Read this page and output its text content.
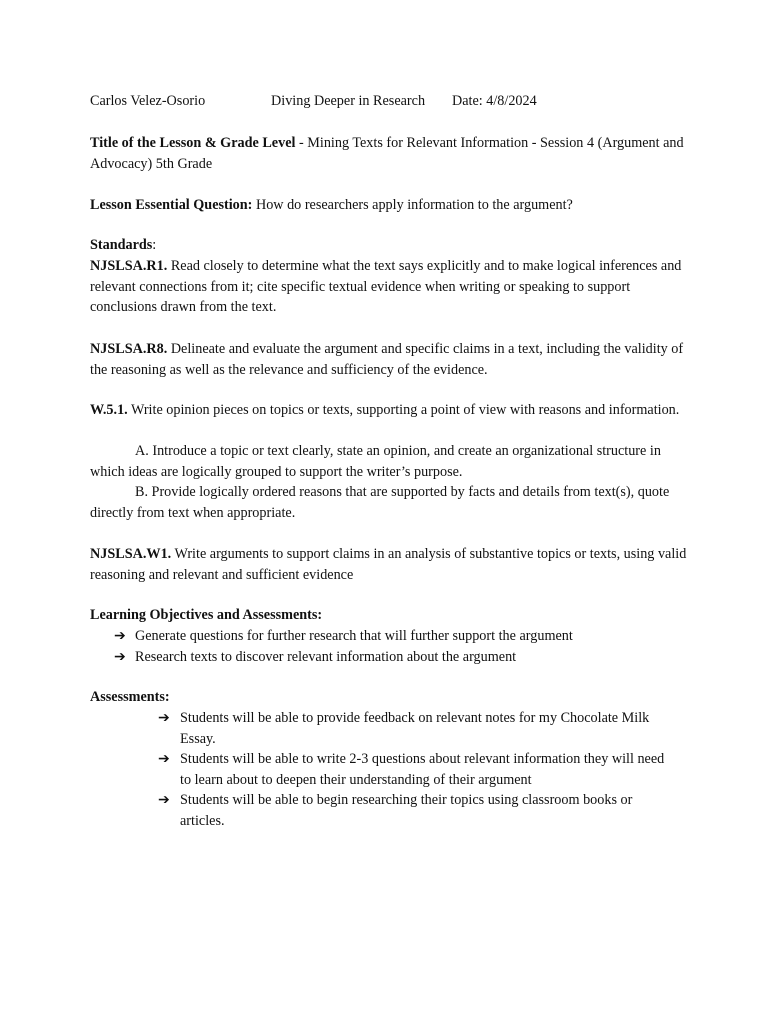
Carlos Velez-Osorio

	Diving Deeper in Research

Date: 4/8/2024

Title of the Lesson & Grade Level - Mining Texts for Relevant Information - Session 4 (Argument and Advocacy) 5th Grade
Lesson Essential Question: How do researchers apply information to the argument?
Standards:
NJSLSA.R1. Read closely to determine what the text says explicitly and to make logical inferences and relevant connections from it; cite specific textual evidence when writing or speaking to support conclusions drawn from the text.
NJSLSA.R8. Delineate and evaluate the argument and specific claims in a text, including the validity of the reasoning as well as the relevance and sufficiency of the evidence.
W.5.1. Write opinion pieces on topics or texts, supporting a point of view with reasons and information.
A. Introduce a topic or text clearly, state an opinion, and create an organizational structure in which ideas are logically grouped to support the writer’s purpose.
B. Provide logically ordered reasons that are supported by facts and details from text(s), quote directly from text when appropriate.
NJSLSA.W1. Write arguments to support claims in an analysis of substantive topics or texts, using valid reasoning and relevant and sufficient evidence
Learning Objectives and Assessments:
➔ Generate questions for further research that will further support the argument
➔ Research texts to discover relevant information about the argument
Assessments:
➔ Students will be able to provide feedback on relevant notes for my Chocolate Milk Essay.
➔ Students will be able to write 2-3 questions about relevant information they will need to learn about to deepen their understanding of their argument
➔ Students will be able to begin researching their topics using classroom books or articles.
